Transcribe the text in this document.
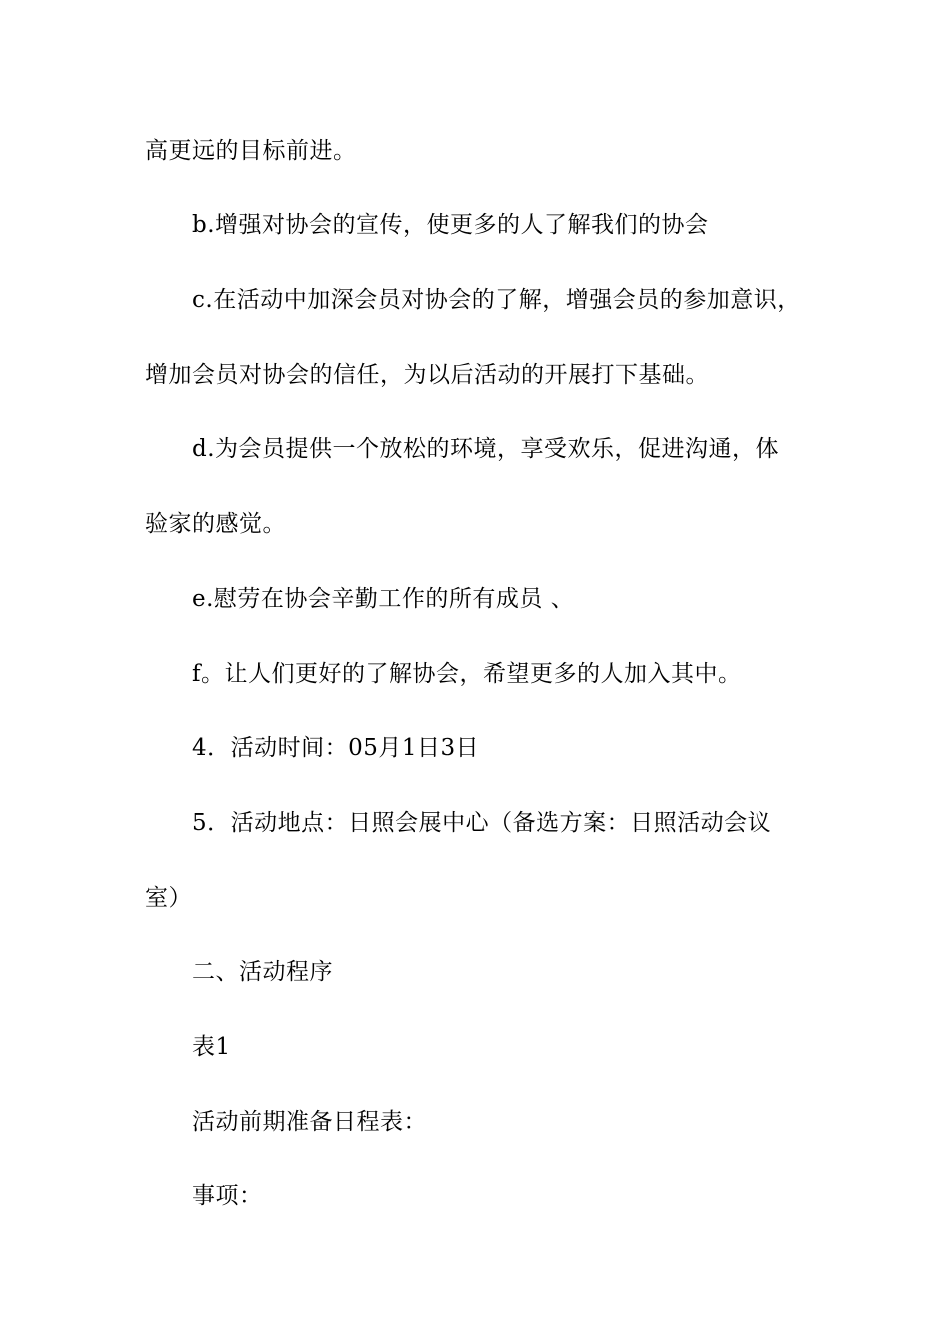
高更远的目标前进。
b.增强对协会的宣传，使更多的人了解我们的协会
c.在活动中加深会员对协会的了解，增强会员的参加意识，
增加会员对协会的信任，为以后活动的开展打下基础。
d.为会员提供一个放松的环境，享受欢乐，促进沟通，体
验家的感觉。
e.慰劳在协会辛勤工作的所有成员 、
f。让人们更好的了解协会，希望更多的人加入其中。
4．活动时间：05月1日3日
5．活动地点：日照会展中心（备选方案：日照活动会议
室）
二、活动程序
表1
活动前期准备日程表：
事项：
